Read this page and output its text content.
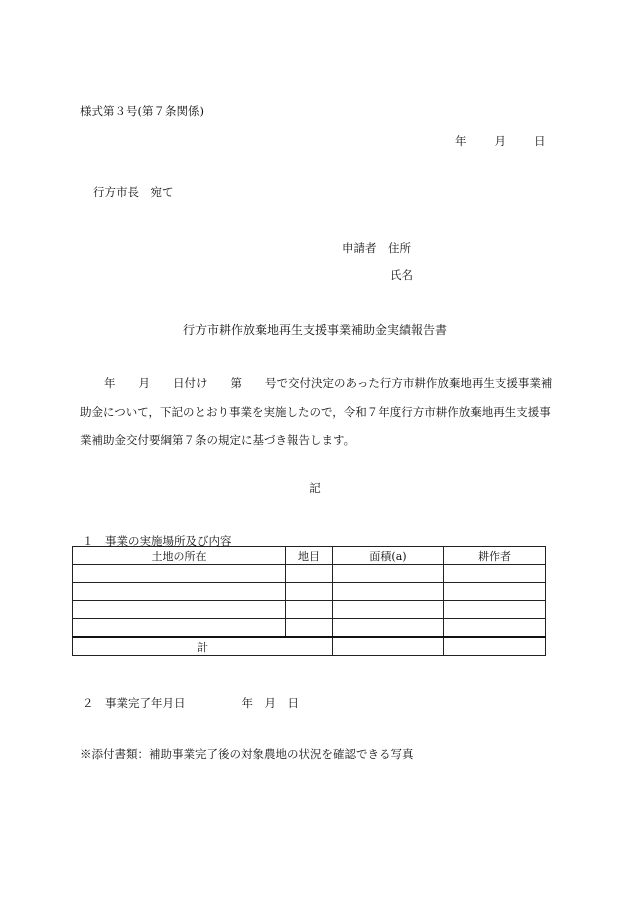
様式第３号(第７条関係)
年 月 日
行方市長　宛て
申請者　 住所
氏名
行方市耕作放棄地再生支援事業補助金実績報告書
年　　月　　日付け　　第　　号で交付決定のあった行方市耕作放棄地再生支援事業補助金について，下記のとおり事業を実施したので，令和７年度行方市耕作放棄地再生支援事業補助金交付要綱第７条の規定に基づき報告します。
記
１　事業の実施場所及び内容
土地の所在	地目	面積(a)	耕作者

計			
２　事業完了年月日	年　月　日
※添付書類：補助事業完了後の対象農地の状況を確認できる写真
